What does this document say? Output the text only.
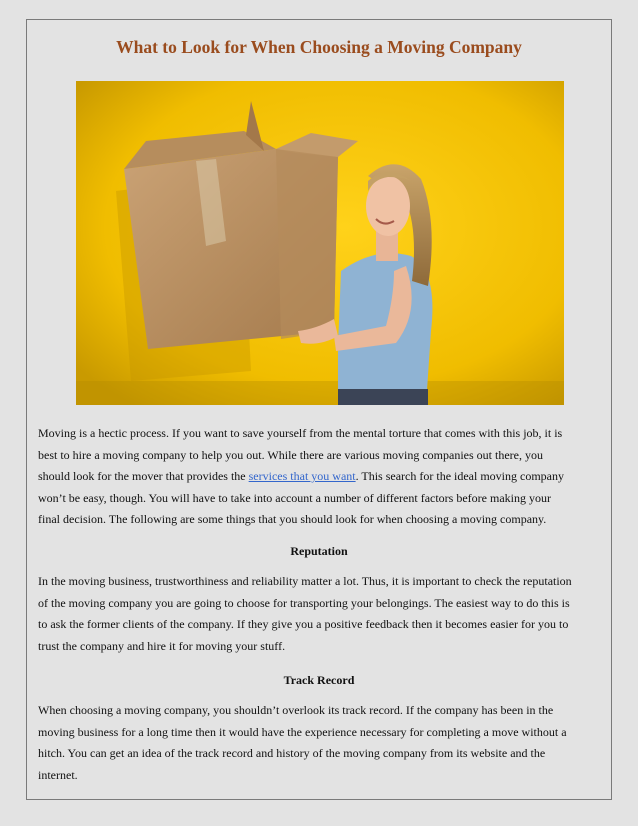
What to Look for When Choosing a Moving Company
Moving is a hectic process. If you want to save yourself from the mental torture that comes with this job, it is
best to hire a moving company to help you out. While there are various moving companies out there, you
should look for the mover that provides the services that you want. This search for the ideal moving company
won’t be easy, though. You will have to take into account a number of different factors before making your
final decision. The following are some things that you should look for when choosing a moving company.
Reputation
In the moving business, trustworthiness and reliability matter a lot. Thus, it is important to check the reputation
of the moving company you are going to choose for transporting your belongings. The easiest way to do this is
to ask the former clients of the company. If they give you a positive feedback then it becomes easier for you to
trust the company and hire it for moving your stuff.
Track Record
When choosing a moving company, you shouldn’t overlook its track record. If the company has been in the
moving business for a long time then it would have the experience necessary for completing a move without a
hitch. You can get an idea of the track record and history of the moving company from its website and the
internet.
